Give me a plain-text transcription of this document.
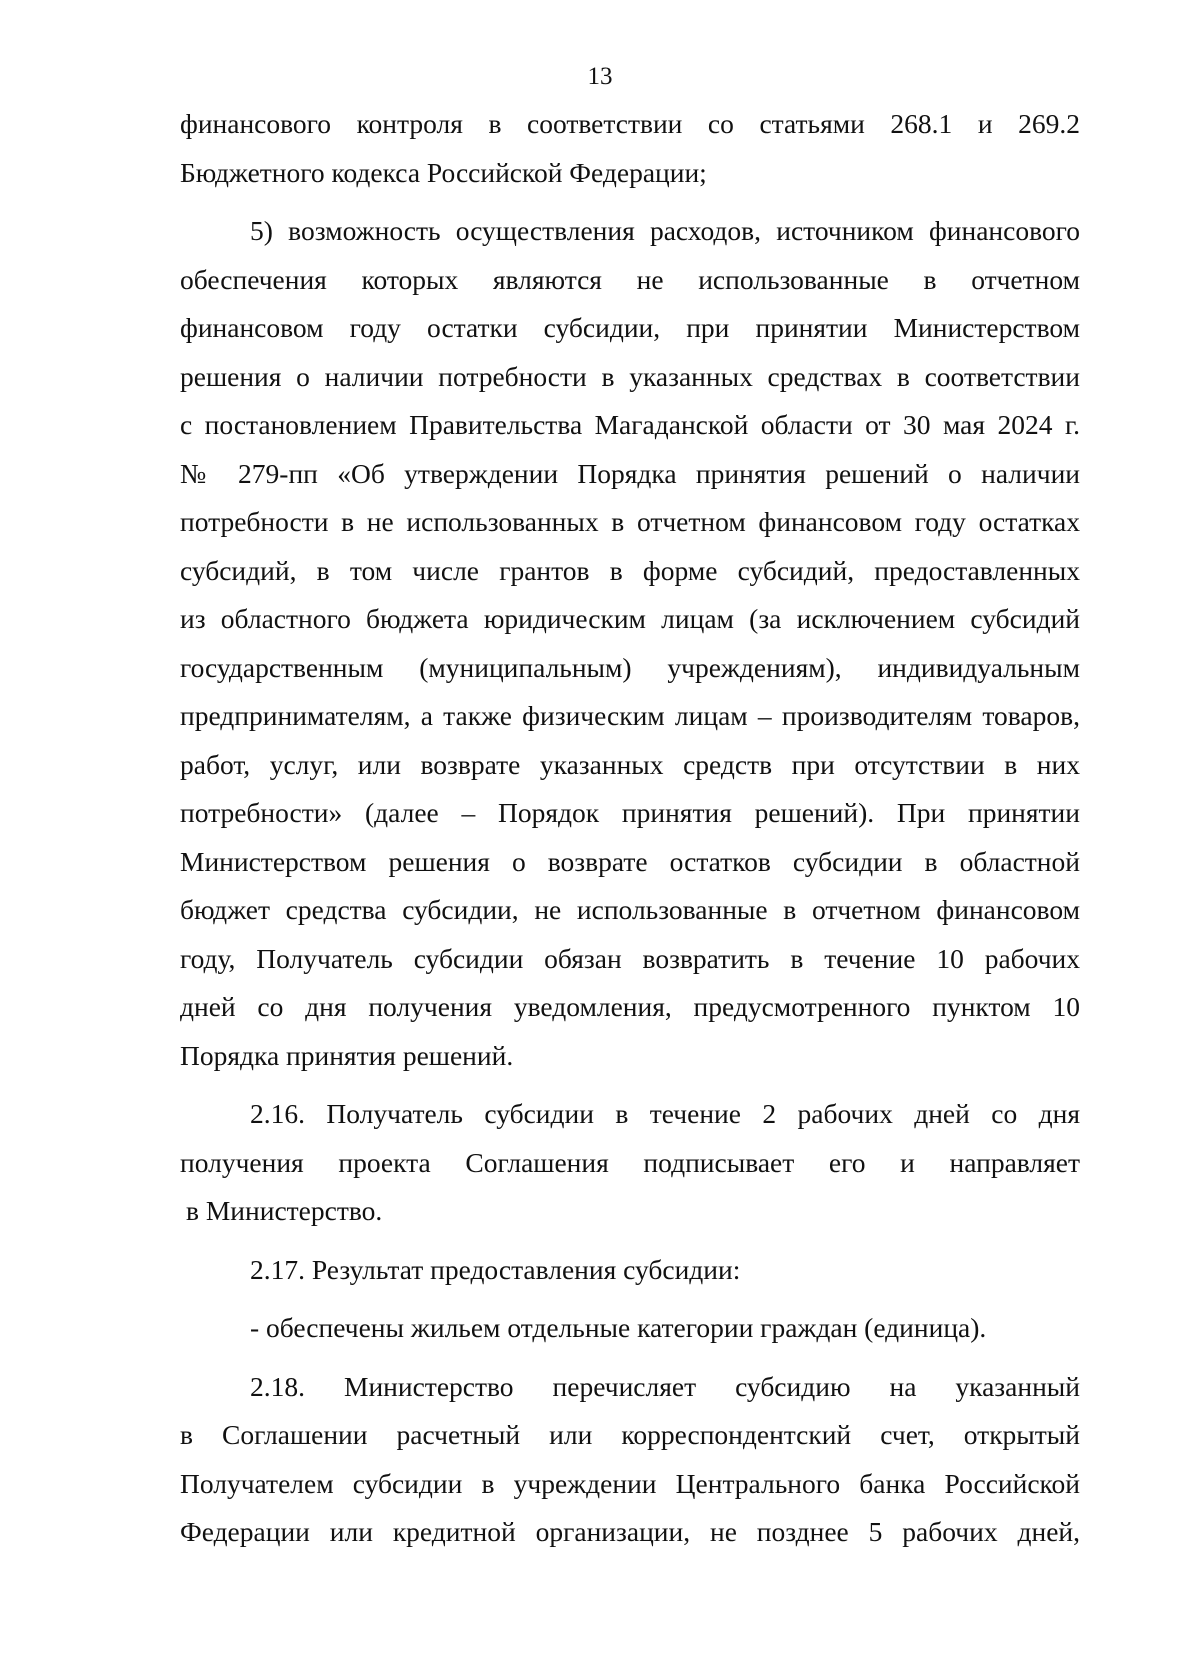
13
финансового контроля в соответствии со статьями 268.1 и 269.2
Бюджетного кодекса Российской Федерации;
5) возможность осуществления расходов, источником финансового
обеспечения которых являются не использованные в отчетном
финансовом году остатки субсидии, при принятии Министерством
решения о наличии потребности в указанных средствах в соответствии
с постановлением Правительства Магаданской области от 30 мая 2024 г.
№ 279-пп «Об утверждении Порядка принятия решений о наличии
потребности в не использованных в отчетном финансовом году остатках
субсидий, в том числе грантов в форме субсидий, предоставленных
из областного бюджета юридическим лицам (за исключением субсидий
государственным (муниципальным) учреждениям), индивидуальным
предпринимателям, а также физическим лицам – производителям товаров,
работ, услуг, или возврате указанных средств при отсутствии в них
потребности» (далее – Порядок принятия решений). При принятии
Министерством решения о возврате остатков субсидии в областной
бюджет средства субсидии, не использованные в отчетном финансовом
году, Получатель субсидии обязан возвратить в течение 10 рабочих
дней со дня получения уведомления, предусмотренного пунктом 10
Порядка принятия решений.
2.16. Получатель субсидии в течение 2 рабочих дней со дня
получения проекта Соглашения подписывает его и направляет
в Министерство.
2.17. Результат предоставления субсидии:
- обеспечены жильем отдельные категории граждан (единица).
2.18. Министерство перечисляет субсидию на указанный
в Соглашении расчетный или корреспондентский счет, открытый
Получателем субсидии в учреждении Центрального банка Российской
Федерации или кредитной организации, не позднее 5 рабочих дней,
